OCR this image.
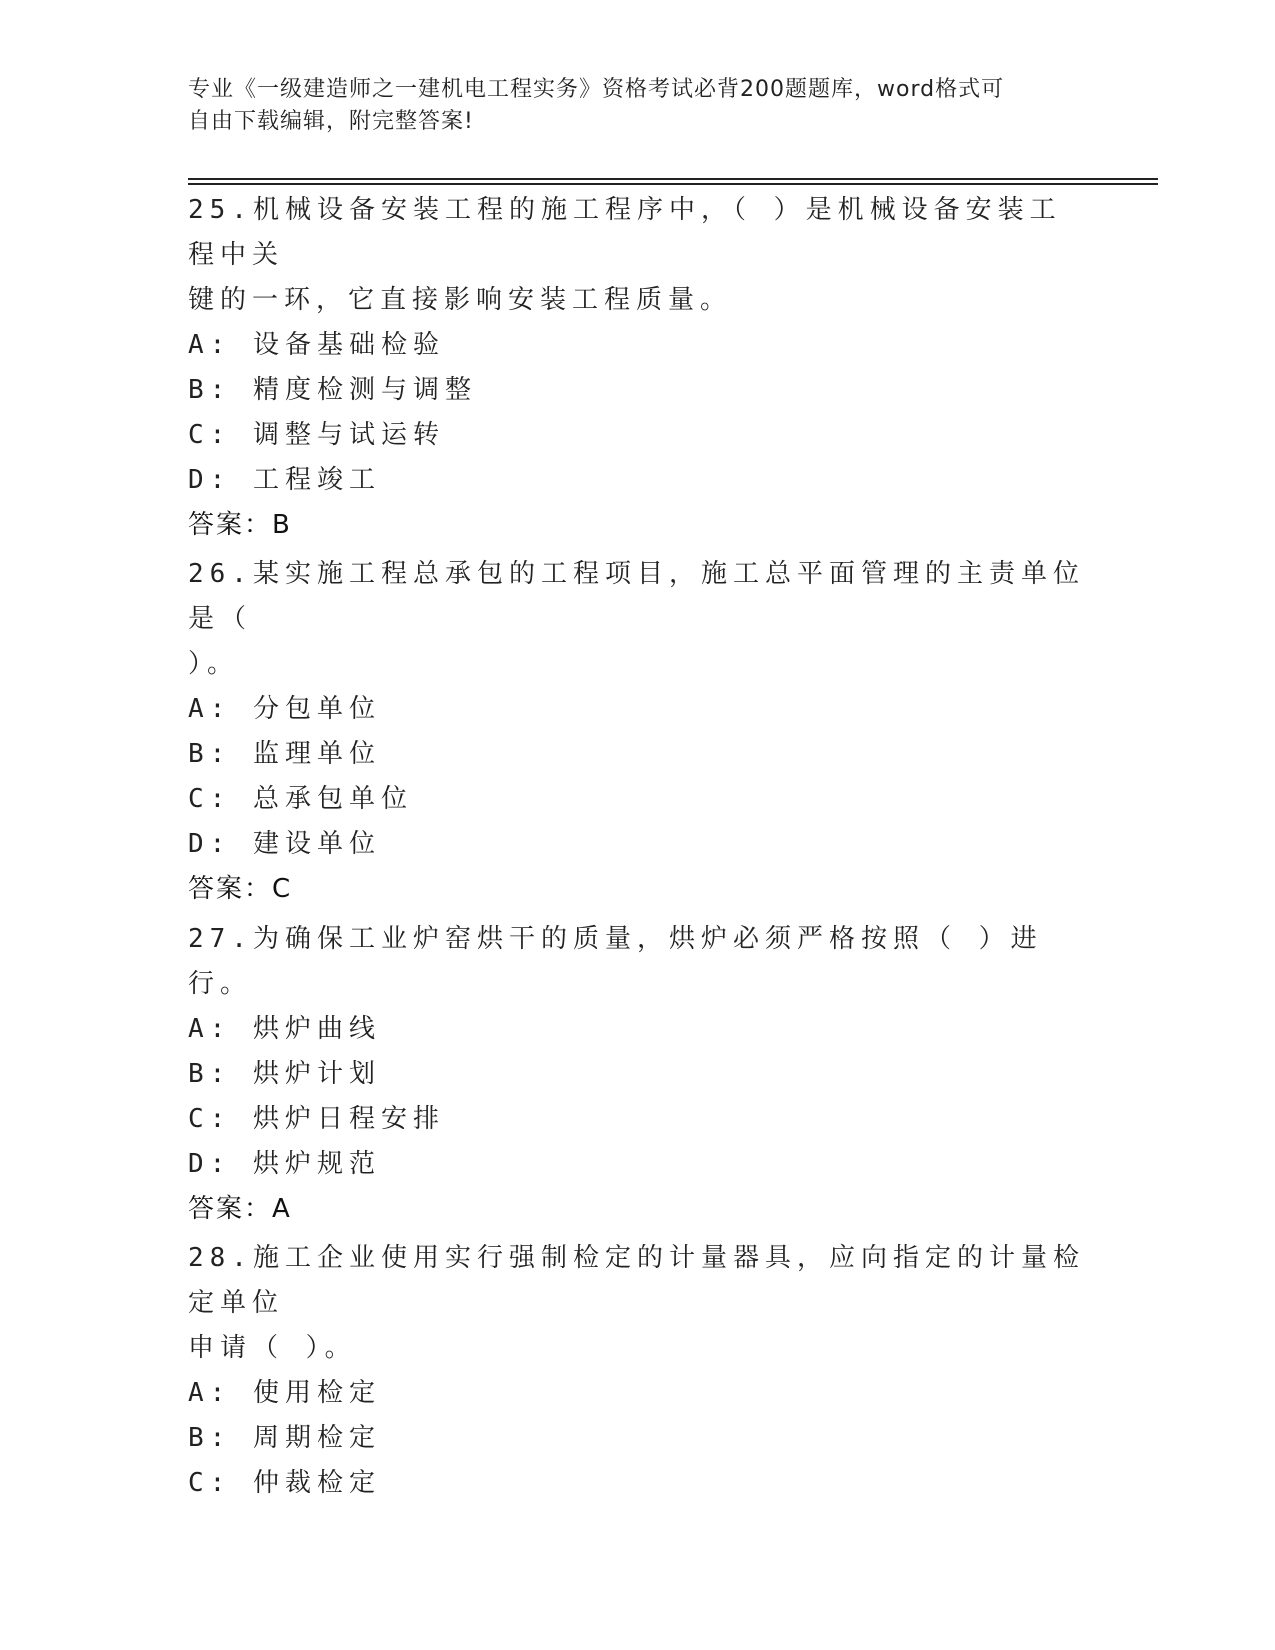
专业《一级建造师之一建机电工程实务》资格考试必背200题题库，word格式可
自由下载编辑，附完整答案!
25.机械设备安装工程的施工程序中，（ ）是机械设备安装工程中关
键的一环，它直接影响安装工程质量。
A: 设备基础检验
B: 精度检测与调整
C: 调整与试运转
D: 工程竣工
答案：B
26.某实施工程总承包的工程项目，施工总平面管理的主责单位是（
）。
A: 分包单位
B: 监理单位
C: 总承包单位
D: 建设单位
答案：C
27.为确保工业炉窑烘干的质量，烘炉必须严格按照（ ）进行。
A: 烘炉曲线
B: 烘炉计划
C: 烘炉日程安排
D: 烘炉规范
答案：A
28.施工企业使用实行强制检定的计量器具，应向指定的计量检定单位
申请（ ）。
A: 使用检定
B: 周期检定
C: 仲裁检定
